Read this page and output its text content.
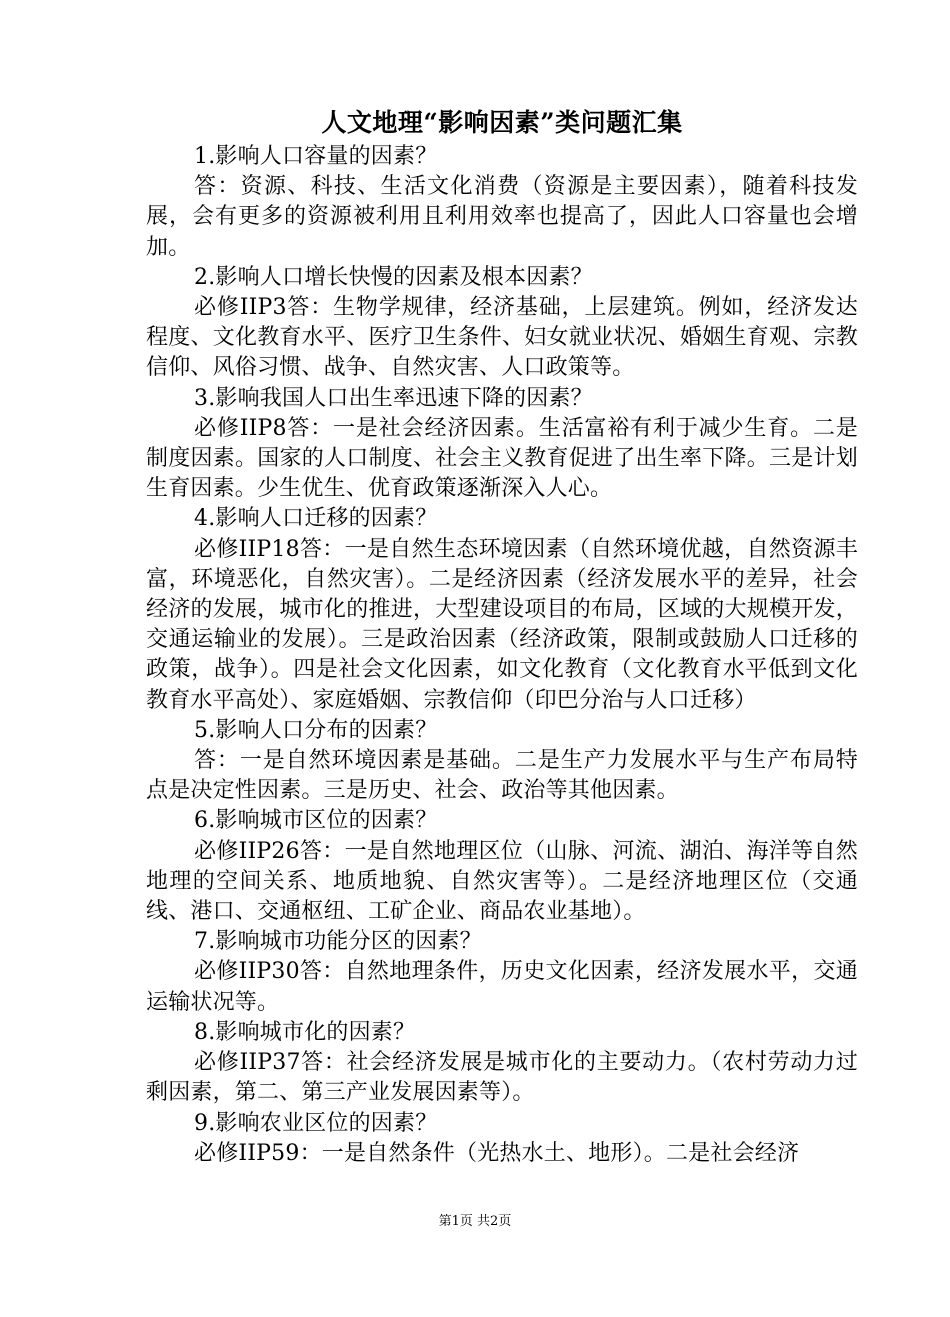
人文地理“影响因素”类问题汇集

1.影响人口容量的因素？

答：资源、科技、生活文化消费（资源是主要因素），随着科技发展，会有更多的资源被利用且利用效率也提高了，因此人口容量也会增加。

2.影响人口增长快慢的因素及根本因素？

必修IIP3答：生物学规律，经济基础，上层建筑。例如，经济发达程度、文化教育水平、医疗卫生条件、妇女就业状况、婚姻生育观、宗教信仰、风俗习惯、战争、自然灾害、人口政策等。

3.影响我国人口出生率迅速下降的因素？

必修IIP8答：一是社会经济因素。生活富裕有利于减少生育。二是制度因素。国家的人口制度、社会主义教育促进了出生率下降。三是计划生育因素。少生优生、优育政策逐渐深入人心。

4.影响人口迁移的因素？

必修IIP18答：一是自然生态环境因素（自然环境优越，自然资源丰富，环境恶化，自然灾害）。二是经济因素（经济发展水平的差异，社会经济的发展，城市化的推进，大型建设项目的布局，区域的大规模开发，交通运输业的发展）。三是政治因素（经济政策，限制或鼓励人口迁移的政策，战争）。四是社会文化因素，如文化教育（文化教育水平低到文化教育水平高处）、家庭婚姻、宗教信仰（印巴分治与人口迁移）

5.影响人口分布的因素？

答：一是自然环境因素是基础。二是生产力发展水平与生产布局特点是决定性因素。三是历史、社会、政治等其他因素。

6.影响城市区位的因素？

必修IIP26答：一是自然地理区位（山脉、河流、湖泊、海洋等自然地理的空间关系、地质地貌、自然灾害等）。二是经济地理区位（交通线、港口、交通枢纽、工矿企业、商品农业基地）。

7.影响城市功能分区的因素？

必修IIP30答：自然地理条件，历史文化因素，经济发展水平，交通运输状况等。

8.影响城市化的因素？

必修IIP37答：社会经济发展是城市化的主要动力。（农村劳动力过剩因素，第二、第三产业发展因素等）。

9.影响农业区位的因素？

必修IIP59：一是自然条件（光热水土、地形）。二是社会经济

第1页 共2页
